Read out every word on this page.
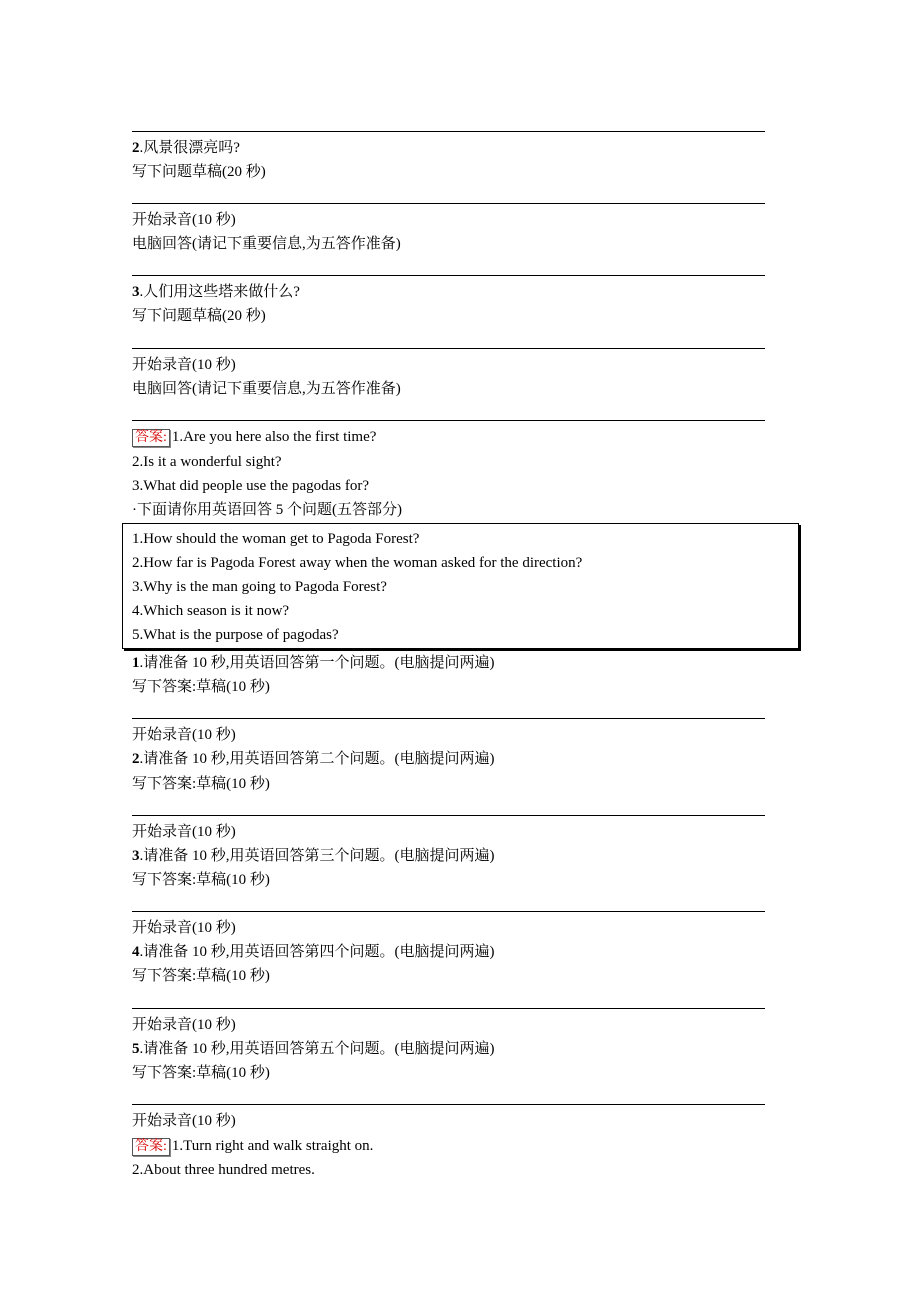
2.风景很漂亮吗?
写下问题草稿(20 秒)
开始录音(10 秒)
电脑回答(请记下重要信息,为五答作准备)
3.人们用这些塔来做什么?
写下问题草稿(20 秒)
开始录音(10 秒)
电脑回答(请记下重要信息,为五答作准备)
答案: 1.Are you here also the first time?
2.Is it a wonderful sight?
3.What did people use the pagodas for?
·下面请你用英语回答 5 个问题(五答部分)
1.How should the woman get to Pagoda Forest?
2.How far is Pagoda Forest away when the woman asked for the direction?
3.Why is the man going to Pagoda Forest?
4.Which season is it now?
5.What is the purpose of pagodas?
1.请准备 10 秒,用英语回答第一个问题。(电脑提问两遍)
写下答案:草稿(10 秒)
开始录音(10 秒)
2.请准备 10 秒,用英语回答第二个问题。(电脑提问两遍)
写下答案:草稿(10 秒)
开始录音(10 秒)
3.请准备 10 秒,用英语回答第三个问题。(电脑提问两遍)
写下答案:草稿(10 秒)
开始录音(10 秒)
4.请准备 10 秒,用英语回答第四个问题。(电脑提问两遍)
写下答案:草稿(10 秒)
开始录音(10 秒)
5.请准备 10 秒,用英语回答第五个问题。(电脑提问两遍)
写下答案:草稿(10 秒)
开始录音(10 秒)
答案: 1.Turn right and walk straight on.
2.About three hundred metres.
